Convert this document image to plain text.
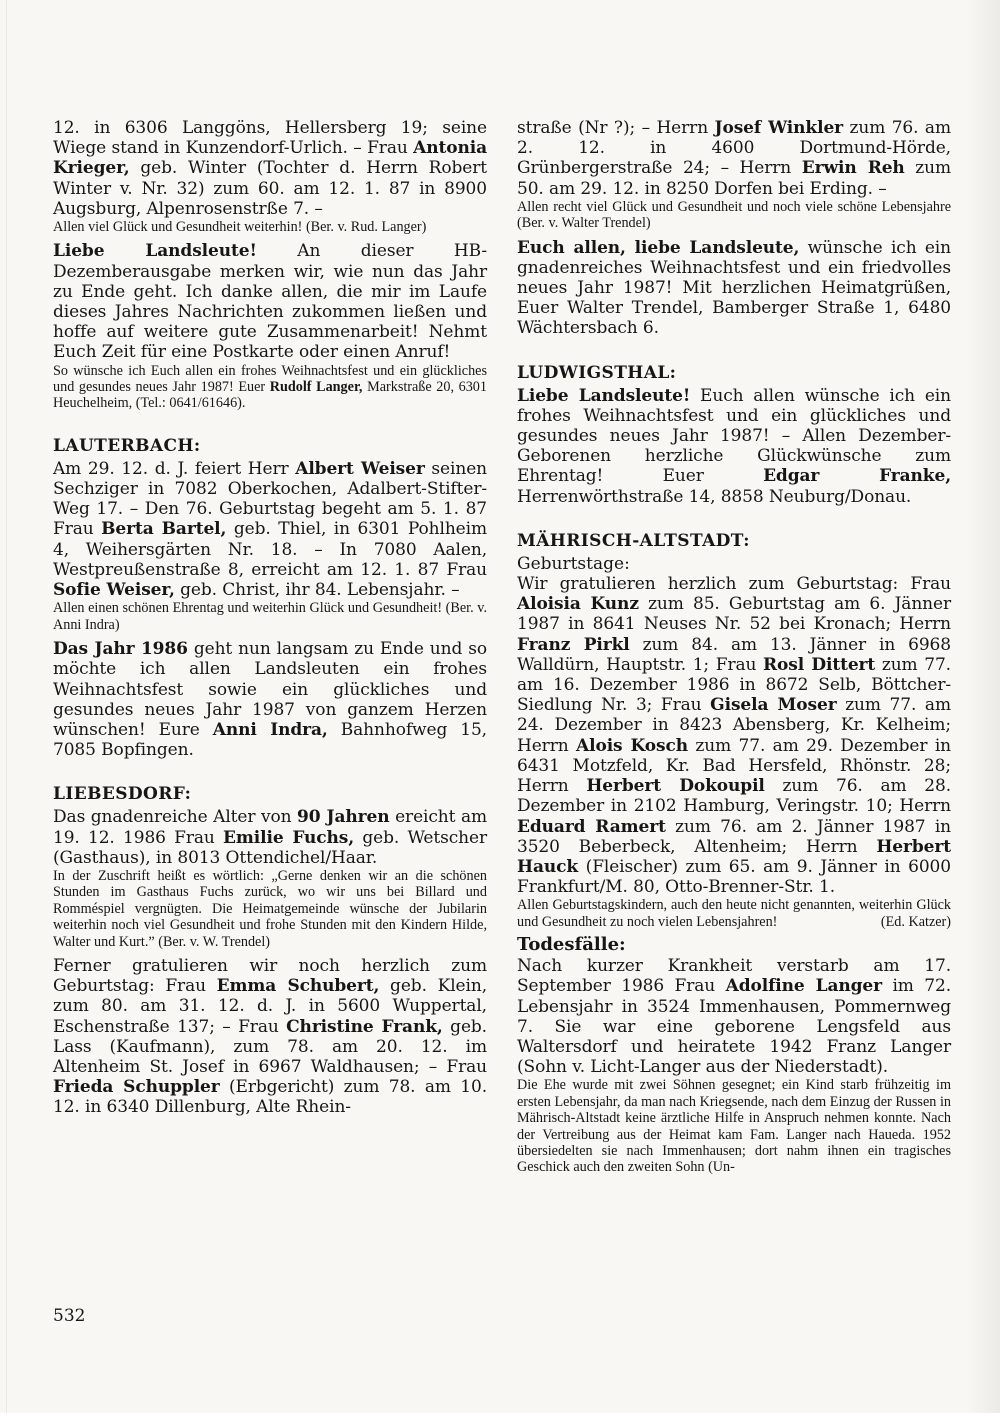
12. in 6306 Langgöns, Hellersberg 19; seine Wiege stand in Kunzendorf-Urlich. – Frau Antonia Krieger, geb. Winter (Tochter d. Herrn Robert Winter v. Nr. 32) zum 60. am 12. 1. 87 in 8900 Augsburg, Alpenrosenstrße 7. –

Allen viel Glück und Gesundheit weiterhin! (Ber. v. Rud. Langer)

Liebe Landsleute! An dieser HB-Dezemberausgabe merken wir, wie nun das Jahr zu Ende geht. Ich danke allen, die mir im Laufe dieses Jahres Nachrichten zukommen ließen und hoffe auf weitere gute Zusammenarbeit! Nehmt Euch Zeit für eine Postkarte oder einen Anruf!

So wünsche ich Euch allen ein frohes Weihnachtsfest und ein glückliches und gesundes neues Jahr 1987! Euer Rudolf Langer, Markstraße 20, 6301 Heuchelheim, (Tel.: 0641/61646).

LAUTERBACH:

Am 29. 12. d. J. feiert Herr Albert Weiser seinen Sechziger in 7082 Oberkochen, Adalbert-Stifter-Weg 17. – Den 76. Geburtstag begeht am 5. 1. 87 Frau Berta Bartel, geb. Thiel, in 6301 Pohlheim 4, Weihersgärten Nr. 18. – In 7080 Aalen, Westpreußenstraße 8, erreicht am 12. 1. 87 Frau Sofie Weiser, geb. Christ, ihr 84. Lebensjahr. –

Allen einen schönen Ehrentag und weiterhin Glück und Gesundheit! (Ber. v. Anni Indra)

Das Jahr 1986 geht nun langsam zu Ende und so möchte ich allen Landsleuten ein frohes Weihnachtsfest sowie ein glückliches und gesundes neues Jahr 1987 von ganzem Herzen wünschen! Eure Anni Indra, Bahnhofweg 15, 7085 Bopfingen.

LIEBESDORF:

Das gnadenreiche Alter von 90 Jahren ereicht am 19. 12. 1986 Frau Emilie Fuchs, geb. Wetscher (Gasthaus), in 8013 Ottendichel/Haar.

In der Zuschrift heißt es wörtlich: „Gerne denken wir an die schönen Stunden im Gasthaus Fuchs zurück, wo wir uns bei Billard und Romméspiel vergnügten. Die Heimatgemeinde wünsche der Jubilarin weiterhin noch viel Gesundheit und frohe Stunden mit den Kindern Hilde, Walter und Kurt.” (Ber. v. W. Trendel)

Ferner gratulieren wir noch herzlich zum Geburtstag: Frau Emma Schubert, geb. Klein, zum 80. am 31. 12. d. J. in 5600 Wuppertal, Eschenstraße 137; – Frau Christine Frank, geb. Lass (Kaufmann), zum 78. am 20. 12. im Altenheim St. Josef in 6967 Waldhausen; – Frau Frieda Schuppler (Erbgericht) zum 78. am 10. 12. in 6340 Dillenburg, Alte Rhein-

straße (Nr ?); – Herrn Josef Winkler zum 76. am 2. 12. in 4600 Dortmund-Hörde, Grünbergerstraße 24; – Herrn Erwin Reh zum 50. am 29. 12. in 8250 Dorfen bei Erding. –

Allen recht viel Glück und Gesundheit und noch viele schöne Lebensjahre (Ber. v. Walter Trendel)

Euch allen, liebe Landsleute, wünsche ich ein gnadenreiches Weihnachtsfest und ein friedvolles neues Jahr 1987! Mit herzlichen Heimatgrüßen, Euer Walter Trendel, Bamberger Straße 1, 6480 Wächtersbach 6.

LUDWIGSTHAL:

Liebe Landsleute! Euch allen wünsche ich ein frohes Weihnachtsfest und ein glückliches und gesundes neues Jahr 1987! – Allen Dezember-Geborenen herzliche Glückwünsche zum Ehrentag! Euer Edgar Franke, Herrenwörthstraße 14, 8858 Neuburg/Donau.

MÄHRISCH-ALTSTADT:

Geburtstage:

Wir gratulieren herzlich zum Geburtstag: Frau Aloisia Kunz zum 85. Geburtstag am 6. Jänner 1987 in 8641 Neuses Nr. 52 bei Kronach; Herrn Franz Pirkl zum 84. am 13. Jänner in 6968 Walldürn, Hauptstr. 1; Frau Rosl Dittert zum 77. am 16. Dezember 1986 in 8672 Selb, Böttcher-Siedlung Nr. 3; Frau Gisela Moser zum 77. am 24. Dezember in 8423 Abensberg, Kr. Kelheim; Herrn Alois Kosch zum 77. am 29. Dezember in 6431 Motzfeld, Kr. Bad Hersfeld, Rhönstr. 28; Herrn Herbert Dokoupil zum 76. am 28. Dezember in 2102 Hamburg, Veringstr. 10; Herrn Eduard Ramert zum 76. am 2. Jänner 1987 in 3520 Beberbeck, Altenheim; Herrn Herbert Hauck (Fleischer) zum 65. am 9. Jänner in 6000 Frankfurt/M. 80, Otto-Brenner-Str. 1.

Allen Geburtstagskindern, auch den heute nicht genannten, weiterhin Glück und Gesundheit zu noch vielen Lebensjahren!	(Ed. Katzer)

Todesfälle:

Nach kurzer Krankheit verstarb am 17. September 1986 Frau Adolfine Langer im 72. Lebensjahr in 3524 Immenhausen, Pommernweg 7. Sie war eine geborene Lengsfeld aus Waltersdorf und heiratete 1942 Franz Langer (Sohn v. Licht-Langer aus der Niederstadt).

Die Ehe wurde mit zwei Söhnen gesegnet; ein Kind starb frühzeitig im ersten Lebensjahr, da man nach Kriegsende, nach dem Einzug der Russen in Mährisch-Altstadt keine ärztliche Hilfe in Anspruch nehmen konnte. Nach der Vertreibung aus der Heimat kam Fam. Langer nach Haueda. 1952 übersiedelten sie nach Immenhausen; dort nahm ihnen ein tragisches Geschick auch den zweiten Sohn (Un-

532
